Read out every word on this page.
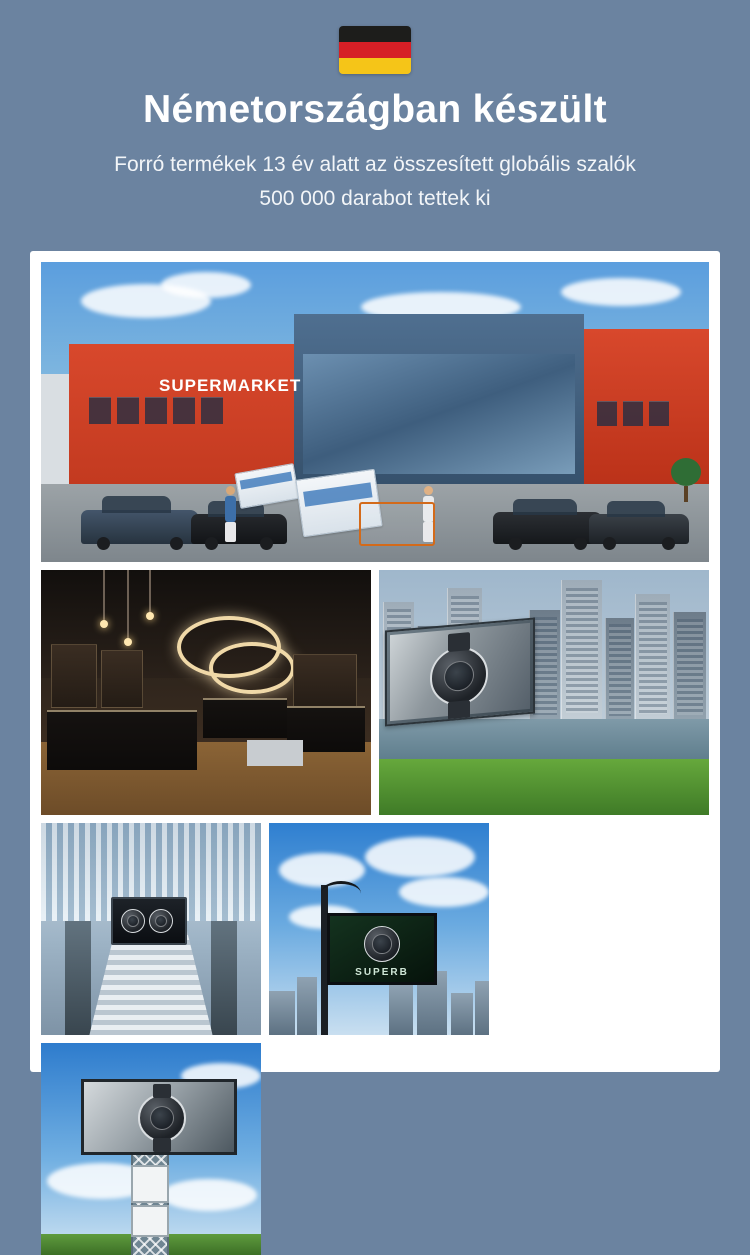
Németországban készült
Forró termékek 13 év alatt az összesített globális szalók
500 000 darabot tettek ki
SUPERMARKET
SUPERB
